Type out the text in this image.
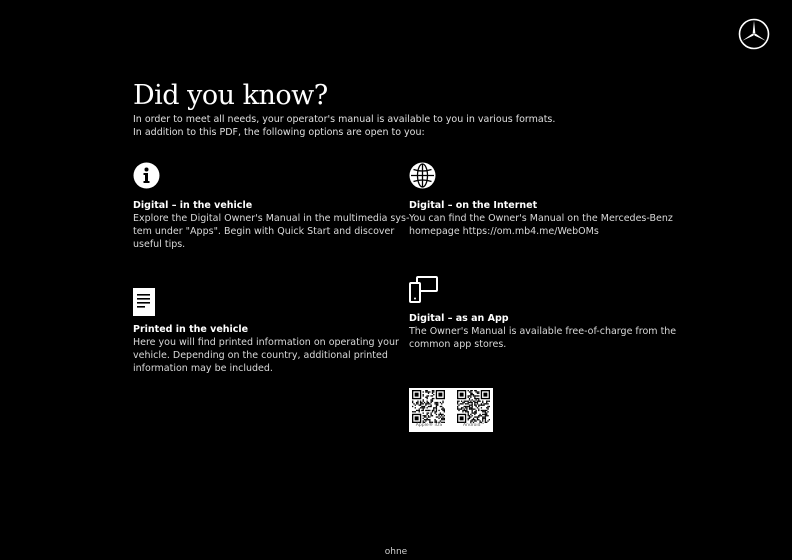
Did you know?
In order to meet all needs, your operator's manual is available to you in various formats.
In addition to this PDF, the following options are open to you:
Digital – in the vehicle

Explore the Digital Owner's Manual in the multimedia sys-
tem under "Apps". Begin with Quick Start and discover
useful tips.

Digital – on the Internet

You can find the Owner's Manual on the Mercedes-Benz
homepage https://om.mb4.me/WebOMs

Digital – as an App

The Owner's Manual is available free-of-charge from the
common app stores.

Printed in the vehicle

Here you will find printed information on operating your
vehicle. Depending on the country, additional printed
information may be included.

Apple® iOS	Android™
ohne
